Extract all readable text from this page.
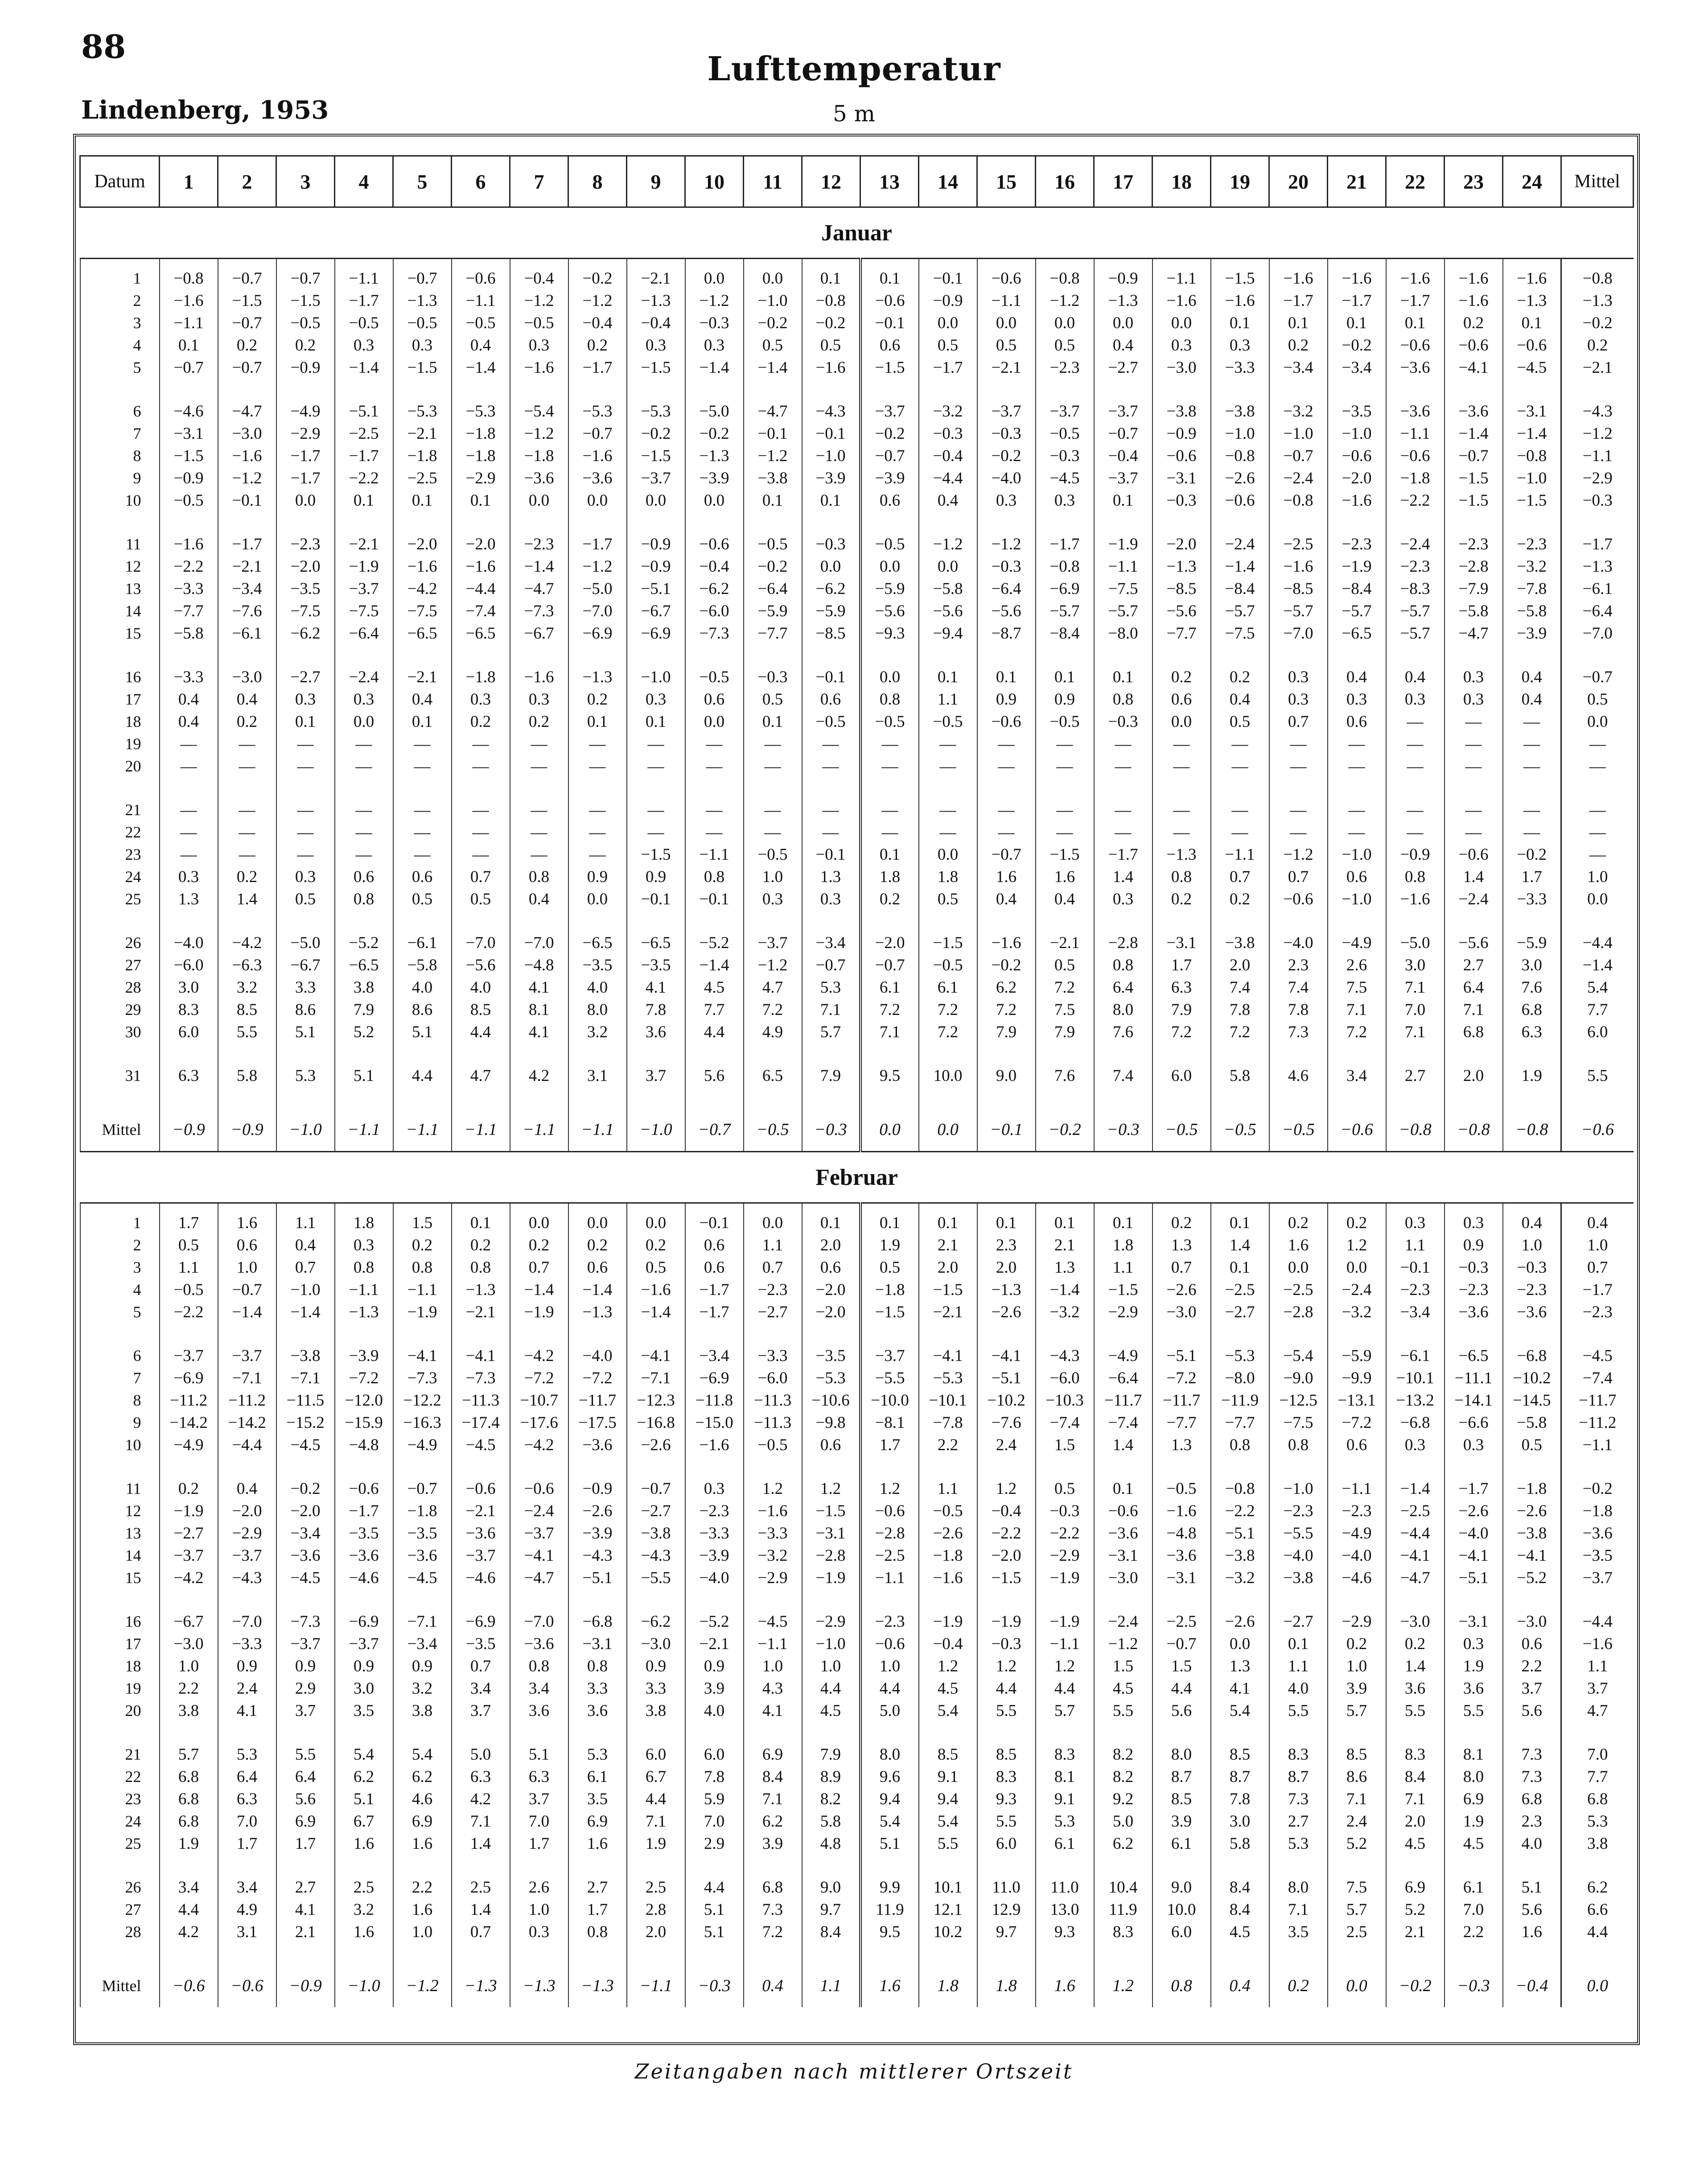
88
Lufttemperatur
Lindenberg, 1953	5 m
Datum	1	2	3	4	5	6	7	8	9	10	11	12	13	14	15	16	17	18	19	20	21	22	23	24	Mittel
Januar																									

1	−0.8	−0.7	−0.7	−1.1	−0.7	−0.6	−0.4	−0.2	−2.1	0.0	0.0	0.1	0.1	−0.1	−0.6	−0.8	−0.9	−1.1	−1.5	−1.6	−1.6	−1.6	−1.6	−1.6	−0.8
2	−1.6	−1.5	−1.5	−1.7	−1.3	−1.1	−1.2	−1.2	−1.3	−1.2	−1.0	−0.8	−0.6	−0.9	−1.1	−1.2	−1.3	−1.6	−1.6	−1.7	−1.7	−1.7	−1.6	−1.3	−1.3
3	−1.1	−0.7	−0.5	−0.5	−0.5	−0.5	−0.5	−0.4	−0.4	−0.3	−0.2	−0.2	−0.1	0.0	0.0	0.0	0.0	0.0	0.1	0.1	0.1	0.1	0.2	0.1	−0.2
4	0.1	0.2	0.2	0.3	0.3	0.4	0.3	0.2	0.3	0.3	0.5	0.5	0.6	0.5	0.5	0.5	0.4	0.3	0.3	0.2	−0.2	−0.6	−0.6	−0.6	0.2
5	−0.7	−0.7	−0.9	−1.4	−1.5	−1.4	−1.6	−1.7	−1.5	−1.4	−1.4	−1.6	−1.5	−1.7	−2.1	−2.3	−2.7	−3.0	−3.3	−3.4	−3.4	−3.6	−4.1	−4.5	−2.1

6	−4.6	−4.7	−4.9	−5.1	−5.3	−5.3	−5.4	−5.3	−5.3	−5.0	−4.7	−4.3	−3.7	−3.2	−3.7	−3.7	−3.7	−3.8	−3.8	−3.2	−3.5	−3.6	−3.6	−3.1	−4.3
7	−3.1	−3.0	−2.9	−2.5	−2.1	−1.8	−1.2	−0.7	−0.2	−0.2	−0.1	−0.1	−0.2	−0.3	−0.3	−0.5	−0.7	−0.9	−1.0	−1.0	−1.0	−1.1	−1.4	−1.4	−1.2
8	−1.5	−1.6	−1.7	−1.7	−1.8	−1.8	−1.8	−1.6	−1.5	−1.3	−1.2	−1.0	−0.7	−0.4	−0.2	−0.3	−0.4	−0.6	−0.8	−0.7	−0.6	−0.6	−0.7	−0.8	−1.1
9	−0.9	−1.2	−1.7	−2.2	−2.5	−2.9	−3.6	−3.6	−3.7	−3.9	−3.8	−3.9	−3.9	−4.4	−4.0	−4.5	−3.7	−3.1	−2.6	−2.4	−2.0	−1.8	−1.5	−1.0	−2.9
10	−0.5	−0.1	0.0	0.1	0.1	0.1	0.0	0.0	0.0	0.0	0.1	0.1	0.6	0.4	0.3	0.3	0.1	−0.3	−0.6	−0.8	−1.6	−2.2	−1.5	−1.5	−0.3

11	−1.6	−1.7	−2.3	−2.1	−2.0	−2.0	−2.3	−1.7	−0.9	−0.6	−0.5	−0.3	−0.5	−1.2	−1.2	−1.7	−1.9	−2.0	−2.4	−2.5	−2.3	−2.4	−2.3	−2.3	−1.7
12	−2.2	−2.1	−2.0	−1.9	−1.6	−1.6	−1.4	−1.2	−0.9	−0.4	−0.2	0.0	0.0	0.0	−0.3	−0.8	−1.1	−1.3	−1.4	−1.6	−1.9	−2.3	−2.8	−3.2	−1.3
13	−3.3	−3.4	−3.5	−3.7	−4.2	−4.4	−4.7	−5.0	−5.1	−6.2	−6.4	−6.2	−5.9	−5.8	−6.4	−6.9	−7.5	−8.5	−8.4	−8.5	−8.4	−8.3	−7.9	−7.8	−6.1
14	−7.7	−7.6	−7.5	−7.5	−7.5	−7.4	−7.3	−7.0	−6.7	−6.0	−5.9	−5.9	−5.6	−5.6	−5.6	−5.7	−5.7	−5.6	−5.7	−5.7	−5.7	−5.7	−5.8	−5.8	−6.4
15	−5.8	−6.1	−6.2	−6.4	−6.5	−6.5	−6.7	−6.9	−6.9	−7.3	−7.7	−8.5	−9.3	−9.4	−8.7	−8.4	−8.0	−7.7	−7.5	−7.0	−6.5	−5.7	−4.7	−3.9	−7.0

16	−3.3	−3.0	−2.7	−2.4	−2.1	−1.8	−1.6	−1.3	−1.0	−0.5	−0.3	−0.1	0.0	0.1	0.1	0.1	0.1	0.2	0.2	0.3	0.4	0.4	0.3	0.4	−0.7
17	0.4	0.4	0.3	0.3	0.4	0.3	0.3	0.2	0.3	0.6	0.5	0.6	0.8	1.1	0.9	0.9	0.8	0.6	0.4	0.3	0.3	0.3	0.3	0.4	0.5
18	0.4	0.2	0.1	0.0	0.1	0.2	0.2	0.1	0.1	0.0	0.1	−0.5	−0.5	−0.5	−0.6	−0.5	−0.3	0.0	0.5	0.7	0.6	—	—	—	0.0
19	—	—	—	—	—	—	—	—	—	—	—	—	—	—	—	—	—	—	—	—	—	—	—	—	—
20	—	—	—	—	—	—	—	—	—	—	—	—	—	—	—	—	—	—	—	—	—	—	—	—	—

21	—	—	—	—	—	—	—	—	—	—	—	—	—	—	—	—	—	—	—	—	—	—	—	—	—
22	—	—	—	—	—	—	—	—	—	—	—	—	—	—	—	—	—	—	—	—	—	—	—	—	—
23	—	—	—	—	—	—	—	—	−1.5	−1.1	−0.5	−0.1	0.1	0.0	−0.7	−1.5	−1.7	−1.3	−1.1	−1.2	−1.0	−0.9	−0.6	−0.2	—
24	0.3	0.2	0.3	0.6	0.6	0.7	0.8	0.9	0.9	0.8	1.0	1.3	1.8	1.8	1.6	1.6	1.4	0.8	0.7	0.7	0.6	0.8	1.4	1.7	1.0
25	1.3	1.4	0.5	0.8	0.5	0.5	0.4	0.0	−0.1	−0.1	0.3	0.3	0.2	0.5	0.4	0.4	0.3	0.2	0.2	−0.6	−1.0	−1.6	−2.4	−3.3	0.0

26	−4.0	−4.2	−5.0	−5.2	−6.1	−7.0	−7.0	−6.5	−6.5	−5.2	−3.7	−3.4	−2.0	−1.5	−1.6	−2.1	−2.8	−3.1	−3.8	−4.0	−4.9	−5.0	−5.6	−5.9	−4.4
27	−6.0	−6.3	−6.7	−6.5	−5.8	−5.6	−4.8	−3.5	−3.5	−1.4	−1.2	−0.7	−0.7	−0.5	−0.2	0.5	0.8	1.7	2.0	2.3	2.6	3.0	2.7	3.0	−1.4
28	3.0	3.2	3.3	3.8	4.0	4.0	4.1	4.0	4.1	4.5	4.7	5.3	6.1	6.1	6.2	7.2	6.4	6.3	7.4	7.4	7.5	7.1	6.4	7.6	5.4
29	8.3	8.5	8.6	7.9	8.6	8.5	8.1	8.0	7.8	7.7	7.2	7.1	7.2	7.2	7.2	7.5	8.0	7.9	7.8	7.8	7.1	7.0	7.1	6.8	7.7
30	6.0	5.5	5.1	5.2	5.1	4.4	4.1	3.2	3.6	4.4	4.9	5.7	7.1	7.2	7.9	7.9	7.6	7.2	7.2	7.3	7.2	7.1	6.8	6.3	6.0

31	6.3	5.8	5.3	5.1	4.4	4.7	4.2	3.1	3.7	5.6	6.5	7.9	9.5	10.0	9.0	7.6	7.4	6.0	5.8	4.6	3.4	2.7	2.0	1.9	5.5

Mittel	−0.9	−0.9	−1.0	−1.1	−1.1	−1.1	−1.1	−1.1	−1.0	−0.7	−0.5	−0.3	0.0	0.0	−0.1	−0.2	−0.3	−0.5	−0.5	−0.5	−0.6	−0.8	−0.8	−0.8	−0.6
Februar																									

1	1.7	1.6	1.1	1.8	1.5	0.1	0.0	0.0	0.0	−0.1	0.0	0.1	0.1	0.1	0.1	0.1	0.1	0.2	0.1	0.2	0.2	0.3	0.3	0.4	0.4
2	0.5	0.6	0.4	0.3	0.2	0.2	0.2	0.2	0.2	0.6	1.1	2.0	1.9	2.1	2.3	2.1	1.8	1.3	1.4	1.6	1.2	1.1	0.9	1.0	1.0
3	1.1	1.0	0.7	0.8	0.8	0.8	0.7	0.6	0.5	0.6	0.7	0.6	0.5	2.0	2.0	1.3	1.1	0.7	0.1	0.0	0.0	−0.1	−0.3	−0.3	0.7
4	−0.5	−0.7	−1.0	−1.1	−1.1	−1.3	−1.4	−1.4	−1.6	−1.7	−2.3	−2.0	−1.8	−1.5	−1.3	−1.4	−1.5	−2.6	−2.5	−2.5	−2.4	−2.3	−2.3	−2.3	−1.7
5	−2.2	−1.4	−1.4	−1.3	−1.9	−2.1	−1.9	−1.3	−1.4	−1.7	−2.7	−2.0	−1.5	−2.1	−2.6	−3.2	−2.9	−3.0	−2.7	−2.8	−3.2	−3.4	−3.6	−3.6	−2.3

6	−3.7	−3.7	−3.8	−3.9	−4.1	−4.1	−4.2	−4.0	−4.1	−3.4	−3.3	−3.5	−3.7	−4.1	−4.1	−4.3	−4.9	−5.1	−5.3	−5.4	−5.9	−6.1	−6.5	−6.8	−4.5
7	−6.9	−7.1	−7.1	−7.2	−7.3	−7.3	−7.2	−7.2	−7.1	−6.9	−6.0	−5.3	−5.5	−5.3	−5.1	−6.0	−6.4	−7.2	−8.0	−9.0	−9.9	−10.1	−11.1	−10.2	−7.4
8	−11.2	−11.2	−11.5	−12.0	−12.2	−11.3	−10.7	−11.7	−12.3	−11.8	−11.3	−10.6	−10.0	−10.1	−10.2	−10.3	−11.7	−11.7	−11.9	−12.5	−13.1	−13.2	−14.1	−14.5	−11.7
9	−14.2	−14.2	−15.2	−15.9	−16.3	−17.4	−17.6	−17.5	−16.8	−15.0	−11.3	−9.8	−8.1	−7.8	−7.6	−7.4	−7.4	−7.7	−7.7	−7.5	−7.2	−6.8	−6.6	−5.8	−11.2
10	−4.9	−4.4	−4.5	−4.8	−4.9	−4.5	−4.2	−3.6	−2.6	−1.6	−0.5	0.6	1.7	2.2	2.4	1.5	1.4	1.3	0.8	0.8	0.6	0.3	0.3	0.5	−1.1

11	0.2	0.4	−0.2	−0.6	−0.7	−0.6	−0.6	−0.9	−0.7	0.3	1.2	1.2	1.2	1.1	1.2	0.5	0.1	−0.5	−0.8	−1.0	−1.1	−1.4	−1.7	−1.8	−0.2
12	−1.9	−2.0	−2.0	−1.7	−1.8	−2.1	−2.4	−2.6	−2.7	−2.3	−1.6	−1.5	−0.6	−0.5	−0.4	−0.3	−0.6	−1.6	−2.2	−2.3	−2.3	−2.5	−2.6	−2.6	−1.8
13	−2.7	−2.9	−3.4	−3.5	−3.5	−3.6	−3.7	−3.9	−3.8	−3.3	−3.3	−3.1	−2.8	−2.6	−2.2	−2.2	−3.6	−4.8	−5.1	−5.5	−4.9	−4.4	−4.0	−3.8	−3.6
14	−3.7	−3.7	−3.6	−3.6	−3.6	−3.7	−4.1	−4.3	−4.3	−3.9	−3.2	−2.8	−2.5	−1.8	−2.0	−2.9	−3.1	−3.6	−3.8	−4.0	−4.0	−4.1	−4.1	−4.1	−3.5
15	−4.2	−4.3	−4.5	−4.6	−4.5	−4.6	−4.7	−5.1	−5.5	−4.0	−2.9	−1.9	−1.1	−1.6	−1.5	−1.9	−3.0	−3.1	−3.2	−3.8	−4.6	−4.7	−5.1	−5.2	−3.7

16	−6.7	−7.0	−7.3	−6.9	−7.1	−6.9	−7.0	−6.8	−6.2	−5.2	−4.5	−2.9	−2.3	−1.9	−1.9	−1.9	−2.4	−2.5	−2.6	−2.7	−2.9	−3.0	−3.1	−3.0	−4.4
17	−3.0	−3.3	−3.7	−3.7	−3.4	−3.5	−3.6	−3.1	−3.0	−2.1	−1.1	−1.0	−0.6	−0.4	−0.3	−1.1	−1.2	−0.7	0.0	0.1	0.2	0.2	0.3	0.6	−1.6
18	1.0	0.9	0.9	0.9	0.9	0.7	0.8	0.8	0.9	0.9	1.0	1.0	1.0	1.2	1.2	1.2	1.5	1.5	1.3	1.1	1.0	1.4	1.9	2.2	1.1
19	2.2	2.4	2.9	3.0	3.2	3.4	3.4	3.3	3.3	3.9	4.3	4.4	4.4	4.5	4.4	4.4	4.5	4.4	4.1	4.0	3.9	3.6	3.6	3.7	3.7
20	3.8	4.1	3.7	3.5	3.8	3.7	3.6	3.6	3.8	4.0	4.1	4.5	5.0	5.4	5.5	5.7	5.5	5.6	5.4	5.5	5.7	5.5	5.5	5.6	4.7

21	5.7	5.3	5.5	5.4	5.4	5.0	5.1	5.3	6.0	6.0	6.9	7.9	8.0	8.5	8.5	8.3	8.2	8.0	8.5	8.3	8.5	8.3	8.1	7.3	7.0
22	6.8	6.4	6.4	6.2	6.2	6.3	6.3	6.1	6.7	7.8	8.4	8.9	9.6	9.1	8.3	8.1	8.2	8.7	8.7	8.7	8.6	8.4	8.0	7.3	7.7
23	6.8	6.3	5.6	5.1	4.6	4.2	3.7	3.5	4.4	5.9	7.1	8.2	9.4	9.4	9.3	9.1	9.2	8.5	7.8	7.3	7.1	7.1	6.9	6.8	6.8
24	6.8	7.0	6.9	6.7	6.9	7.1	7.0	6.9	7.1	7.0	6.2	5.8	5.4	5.4	5.5	5.3	5.0	3.9	3.0	2.7	2.4	2.0	1.9	2.3	5.3
25	1.9	1.7	1.7	1.6	1.6	1.4	1.7	1.6	1.9	2.9	3.9	4.8	5.1	5.5	6.0	6.1	6.2	6.1	5.8	5.3	5.2	4.5	4.5	4.0	3.8

26	3.4	3.4	2.7	2.5	2.2	2.5	2.6	2.7	2.5	4.4	6.8	9.0	9.9	10.1	11.0	11.0	10.4	9.0	8.4	8.0	7.5	6.9	6.1	5.1	6.2
27	4.4	4.9	4.1	3.2	1.6	1.4	1.0	1.7	2.8	5.1	7.3	9.7	11.9	12.1	12.9	13.0	11.9	10.0	8.4	7.1	5.7	5.2	7.0	5.6	6.6
28	4.2	3.1	2.1	1.6	1.0	0.7	0.3	0.8	2.0	5.1	7.2	8.4	9.5	10.2	9.7	9.3	8.3	6.0	4.5	3.5	2.5	2.1	2.2	1.6	4.4

Mittel	−0.6	−0.6	−0.9	−1.0	−1.2	−1.3	−1.3	−1.3	−1.1	−0.3	0.4	1.1	1.6	1.8	1.8	1.6	1.2	0.8	0.4	0.2	0.0	−0.2	−0.3	−0.4	0.0
Zeitangaben nach mittlerer Ortszeit
